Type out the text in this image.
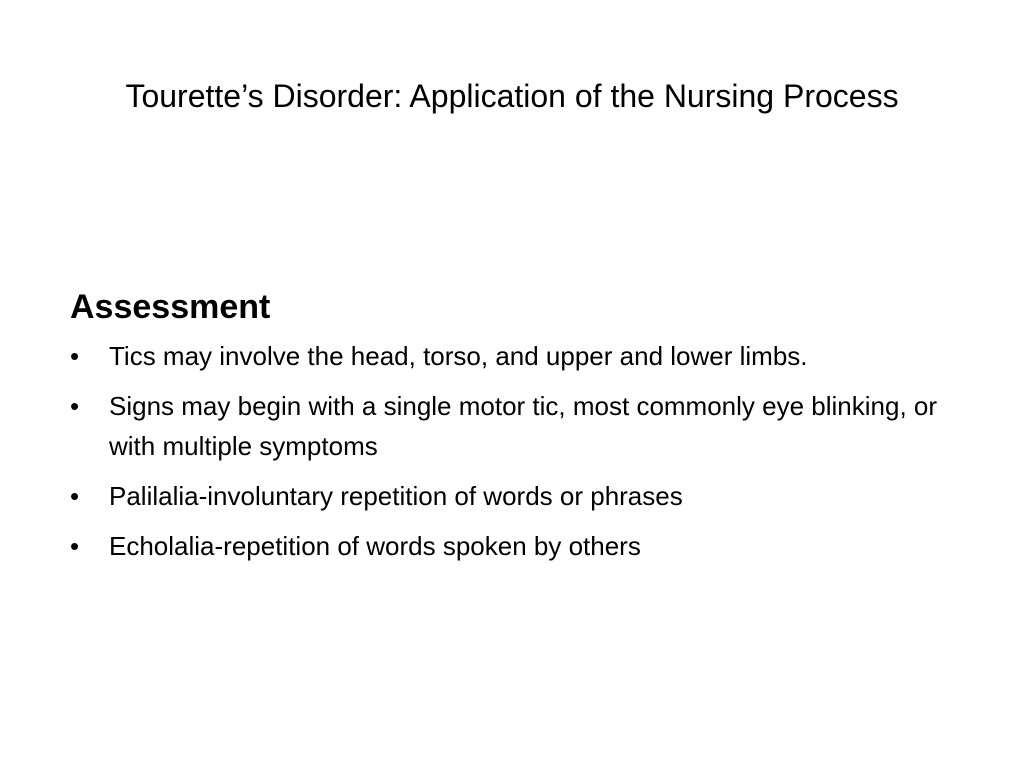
Tourette’s Disorder: Application of the Nursing Process
Assessment
•	Tics may involve the head, torso, and upper and lower limbs.
•	Signs may begin with a single motor tic, most commonly eye blinking, or with multiple symptoms
•	Palilalia-involuntary repetition of words or phrases
•	Echolalia-repetition of words spoken by others
